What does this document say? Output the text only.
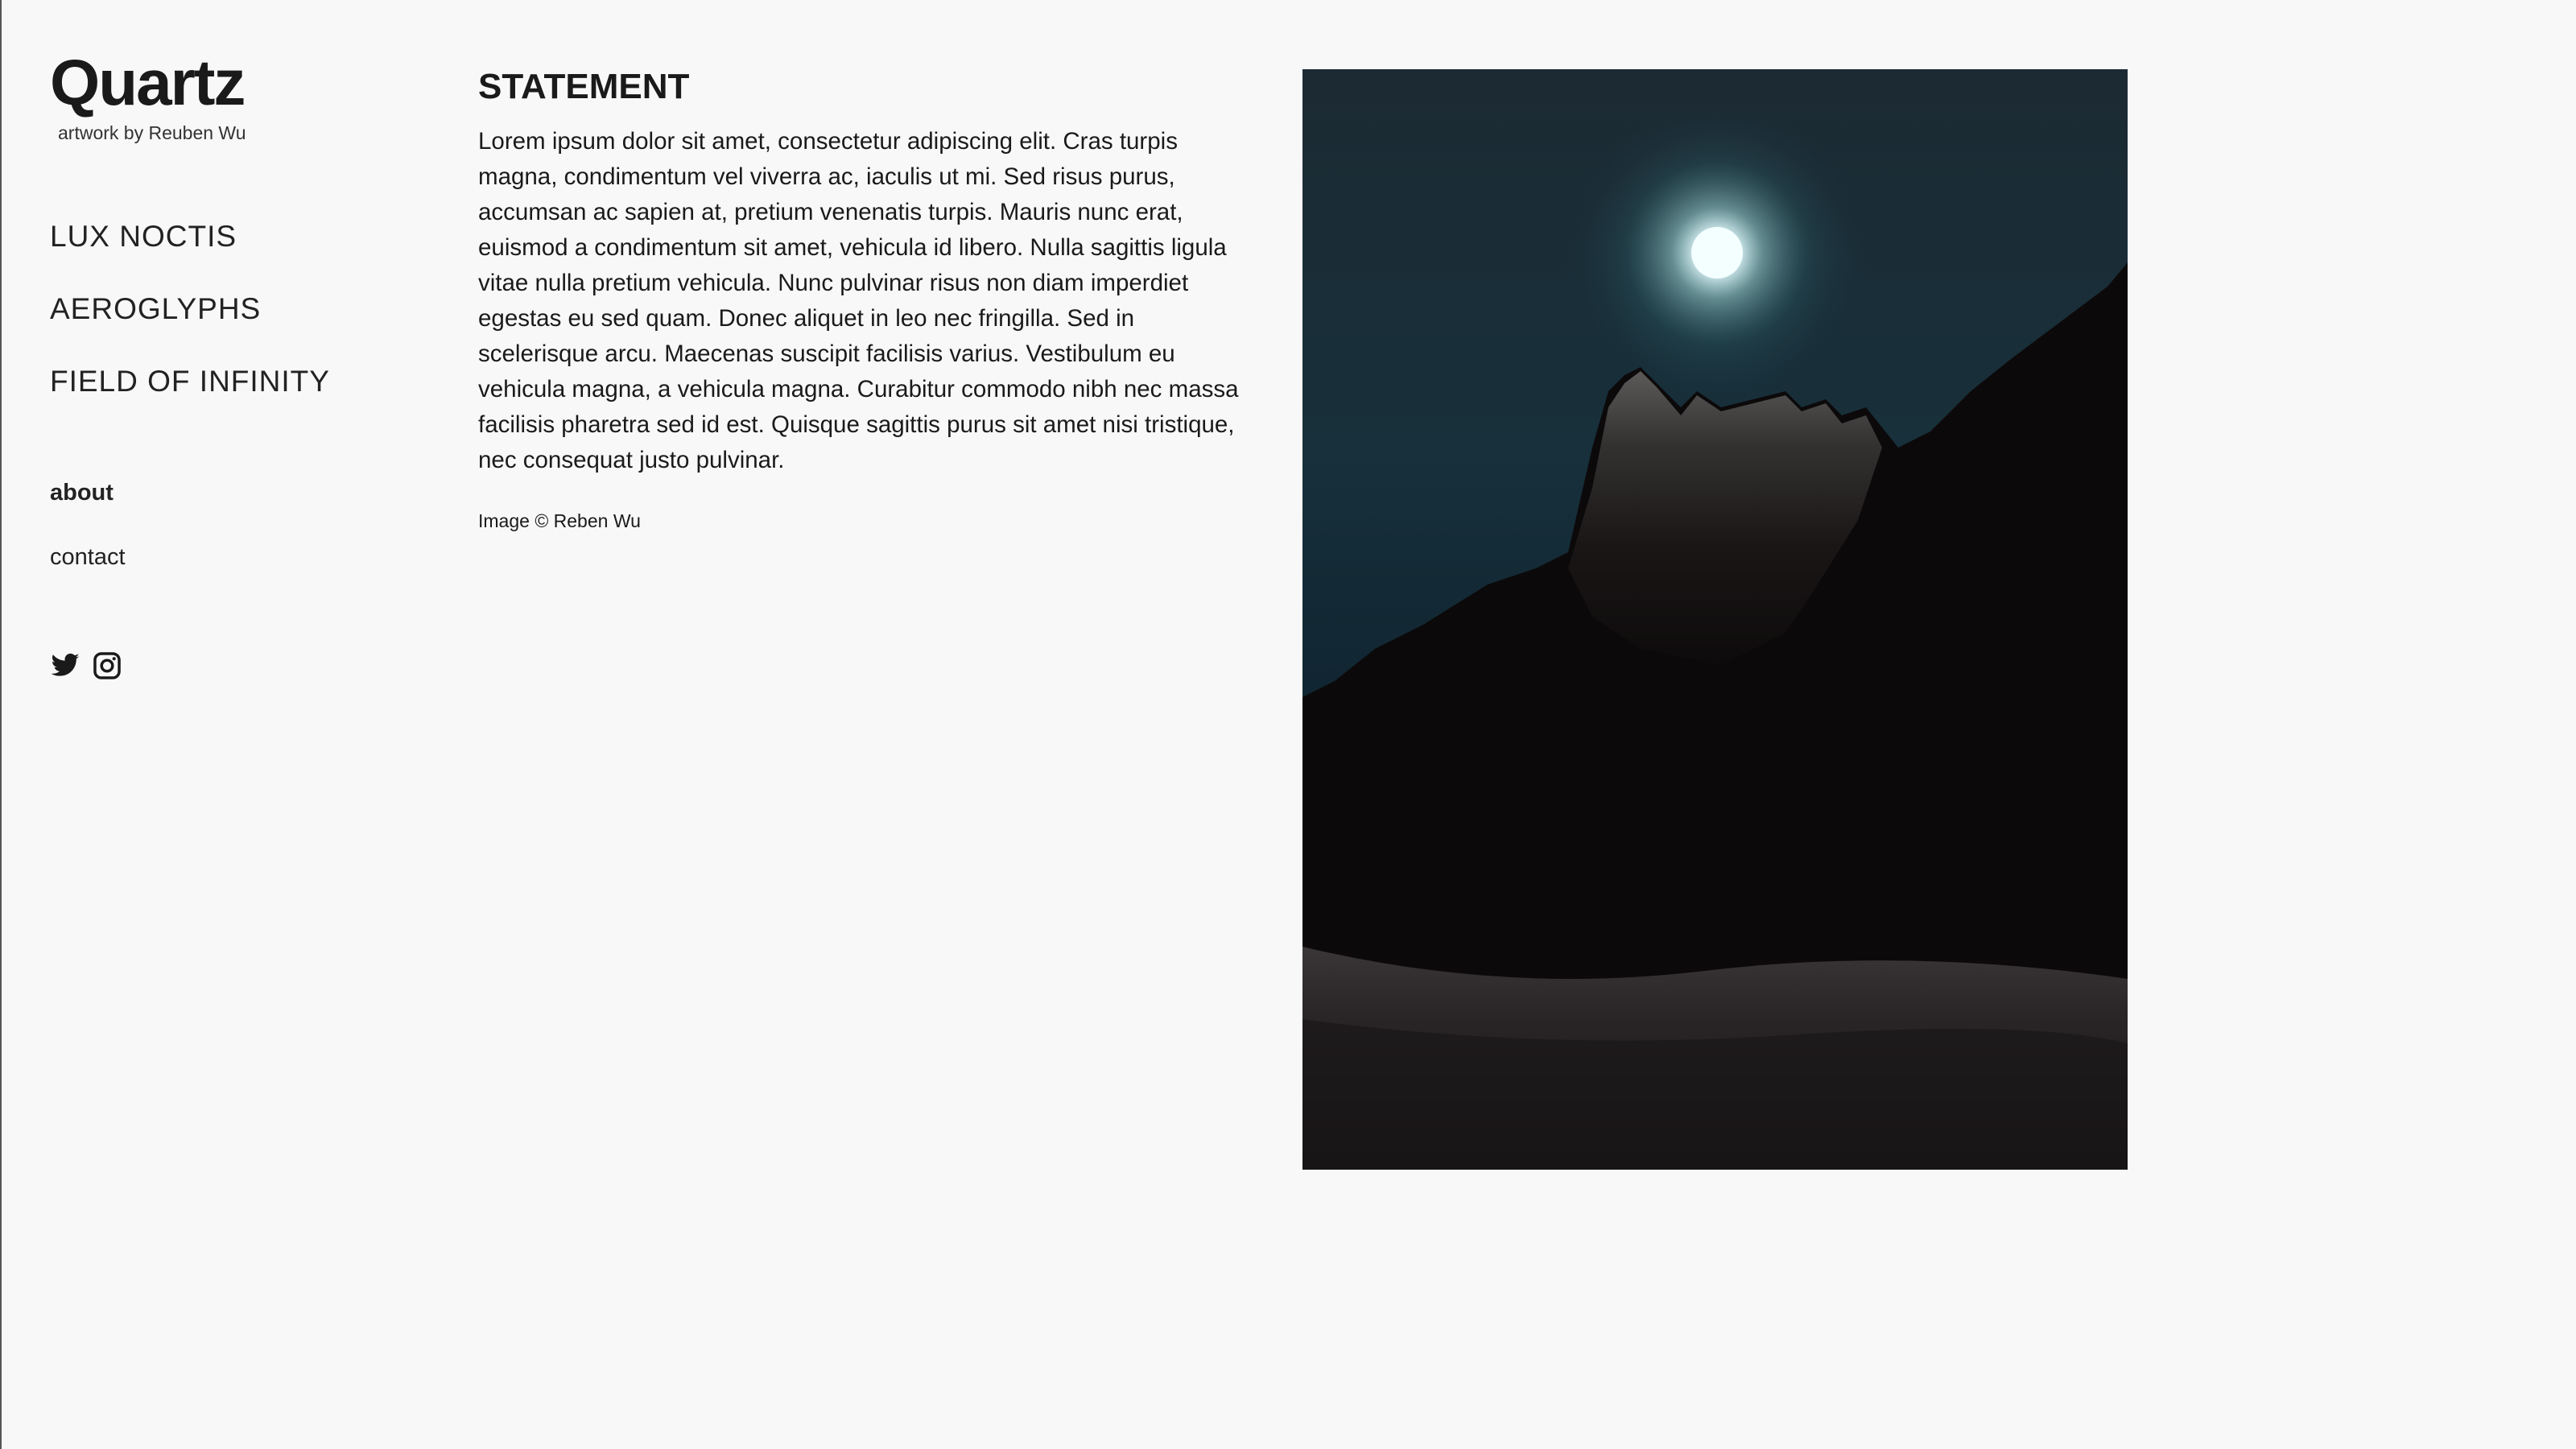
Quartz
artwork by Reuben Wu
LUX NOCTIS
AEROGLYPHS
FIELD OF INFINITY
about
contact
STATEMENT

Lorem ipsum dolor sit amet, consectetur adipiscing elit. Cras turpis magna, condimentum vel viverra ac, iaculis ut mi. Sed risus purus, accumsan ac sapien at, pretium venenatis turpis. Mauris nunc erat, euismod a condimentum sit amet, vehicula id libero. Nulla sagittis ligula vitae nulla pretium vehicula. Nunc pulvinar risus non diam imperdiet egestas eu sed quam. Donec aliquet in leo nec fringilla. Sed in scelerisque arcu. Maecenas suscipit facilisis varius. Vestibulum eu vehicula magna, a vehicula magna. Curabitur commodo nibh nec massa facilisis pharetra sed id est. Quisque sagittis purus sit amet nisi tristique, nec consequat justo pulvinar.

Image © Reben Wu
